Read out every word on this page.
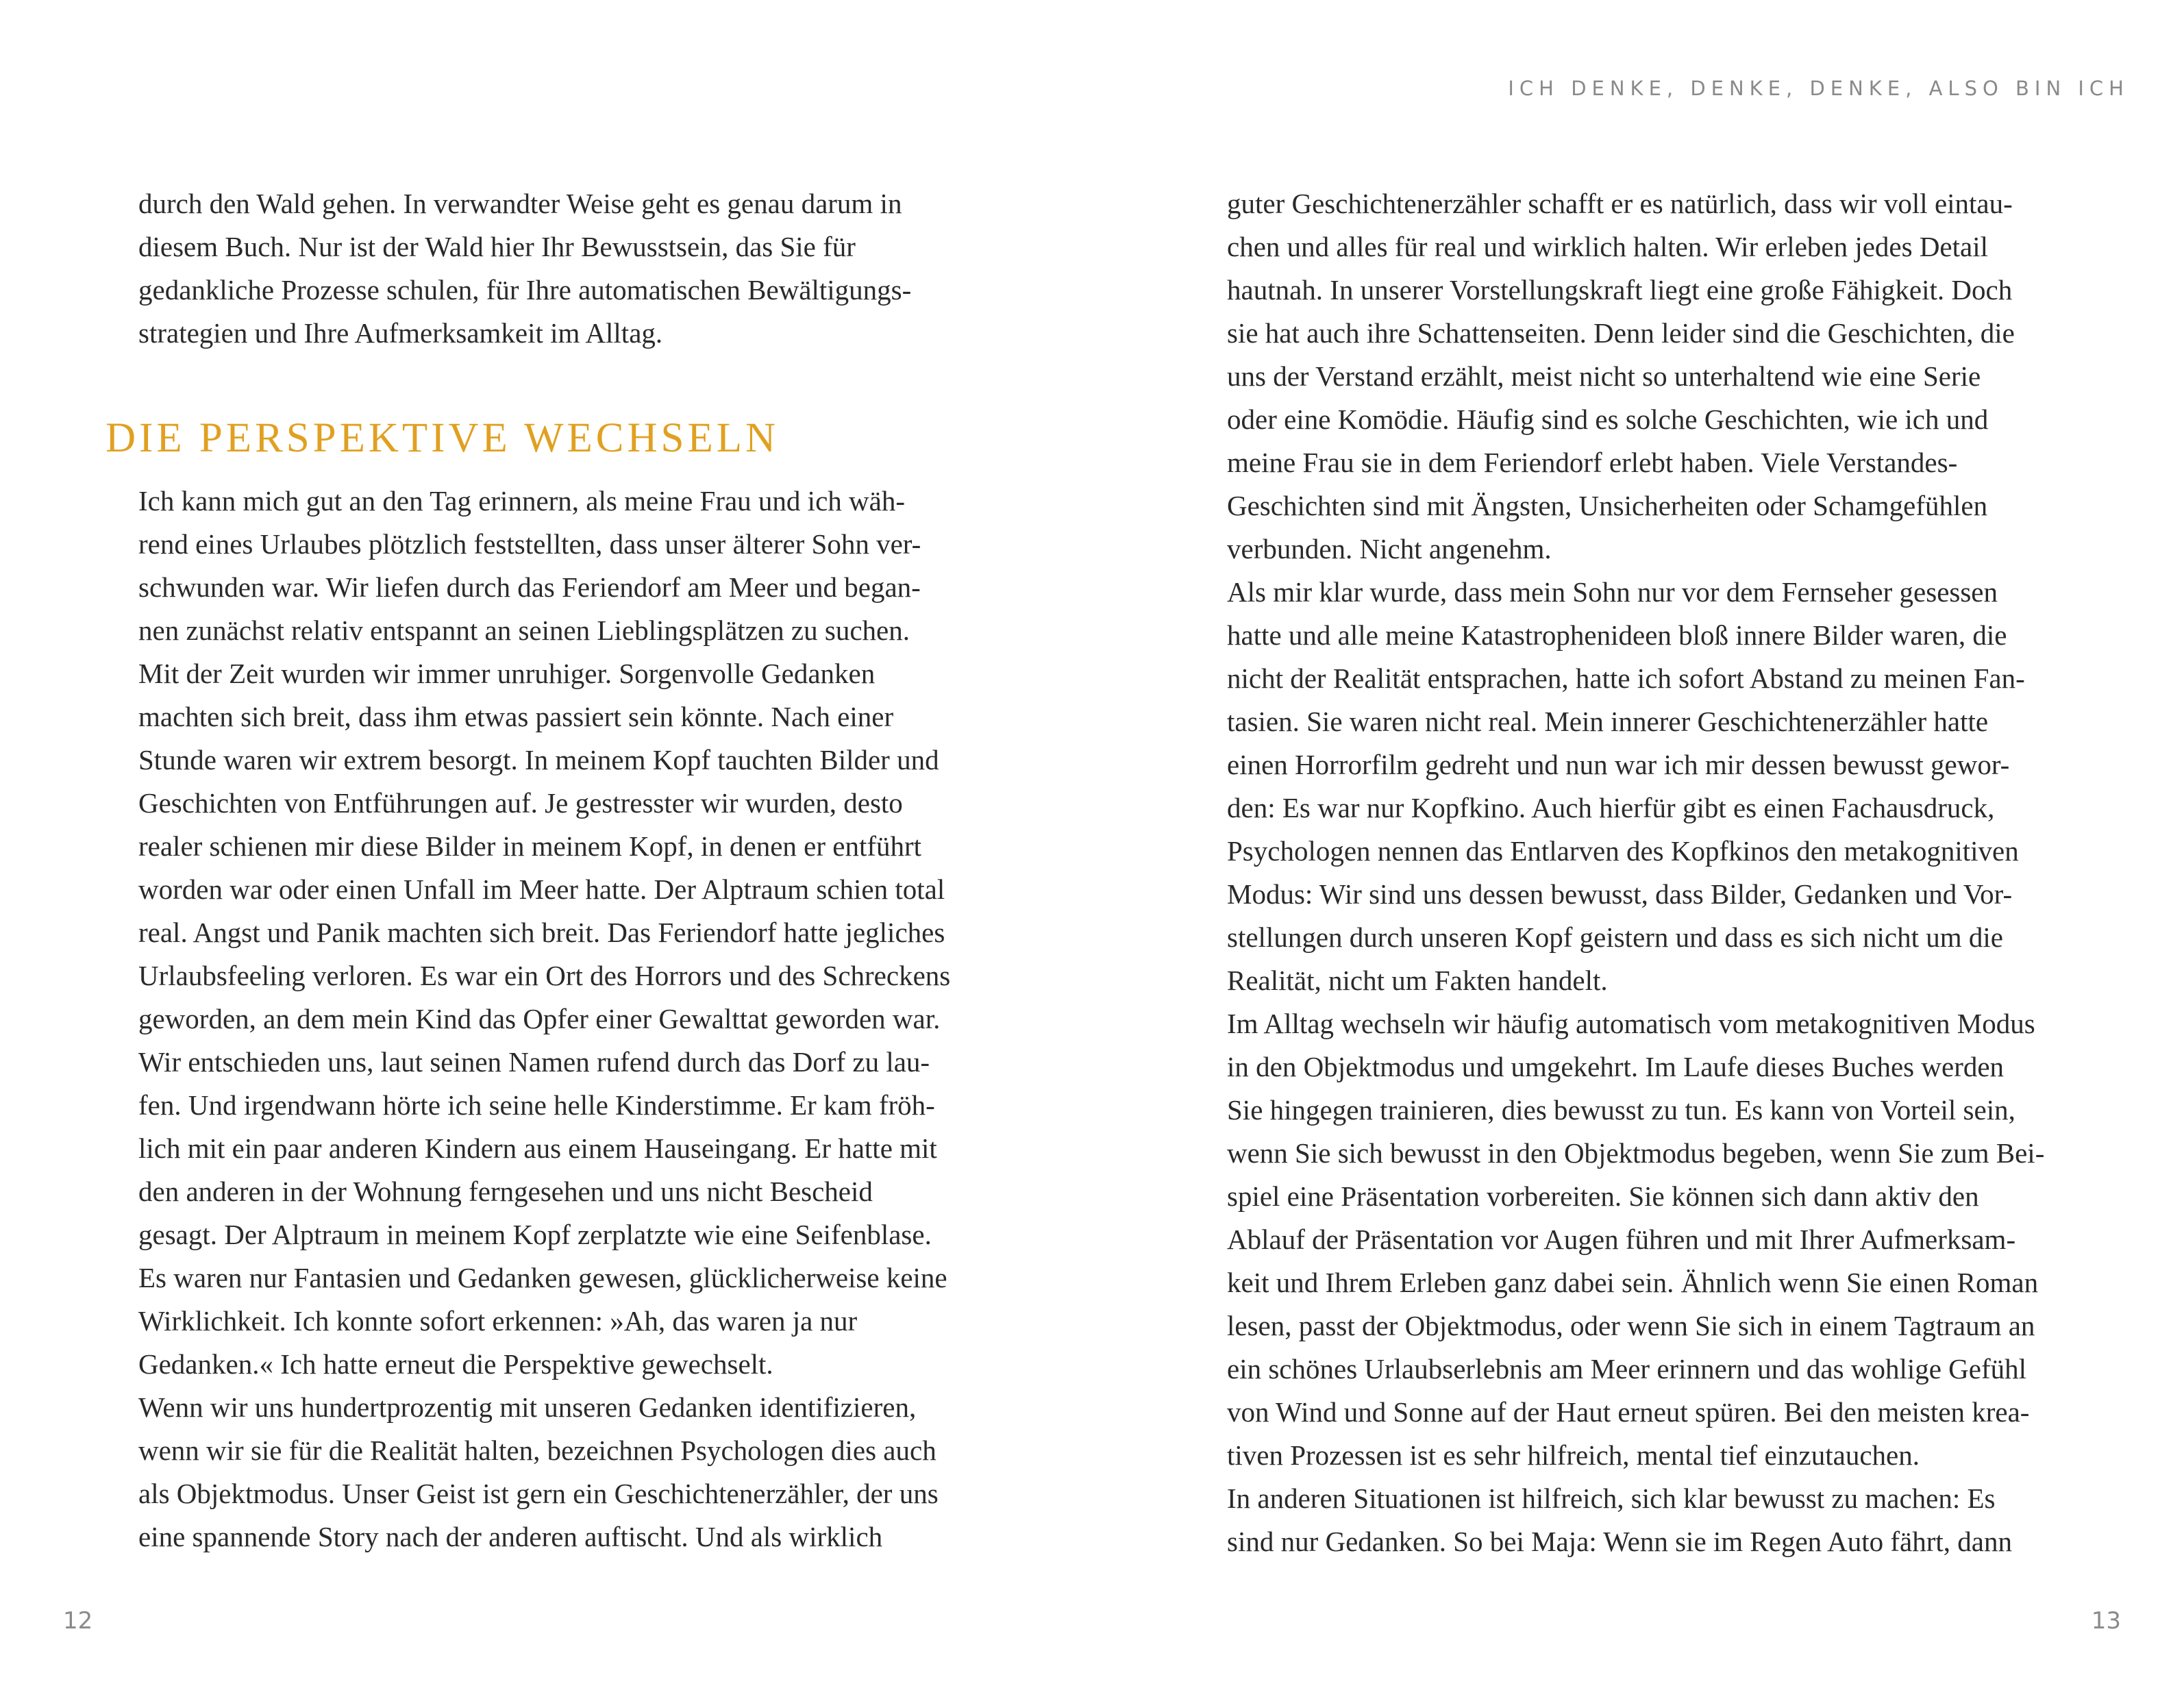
ICH DENKE, DENKE, DENKE, ALSO BIN ICH
durch den Wald gehen. In verwandter Weise geht es genau darum in
diesem Buch. Nur ist der Wald hier Ihr Bewusstsein, das Sie für
gedankliche Prozesse schulen, für Ihre automatischen Bewältigungs-
strategien und Ihre Aufmerksamkeit im Alltag.
DIE PERSPEKTIVE WECHSELN
Ich kann mich gut an den Tag erinnern, als meine Frau und ich wäh-
rend eines Urlaubes plötzlich feststellten, dass unser älterer Sohn ver-
schwunden war. Wir liefen durch das Feriendorf am Meer und began-
nen zunächst relativ entspannt an seinen Lieblingsplätzen zu suchen.
Mit der Zeit wurden wir immer unruhiger. Sorgenvolle Gedanken
machten sich breit, dass ihm etwas passiert sein könnte. Nach einer
Stunde waren wir extrem besorgt. In meinem Kopf tauchten Bilder und
Geschichten von Entführungen auf. Je gestresster wir wurden, desto
realer schienen mir diese Bilder in meinem Kopf, in denen er entführt
worden war oder einen Unfall im Meer hatte. Der Alptraum schien total
real. Angst und Panik machten sich breit. Das Feriendorf hatte jegliches
Urlaubsfeeling verloren. Es war ein Ort des Horrors und des Schreckens
geworden, an dem mein Kind das Opfer einer Gewalttat geworden war.
Wir entschieden uns, laut seinen Namen rufend durch das Dorf zu lau-
fen. Und irgendwann hörte ich seine helle Kinderstimme. Er kam fröh-
lich mit ein paar anderen Kindern aus einem Hauseingang. Er hatte mit
den anderen in der Wohnung ferngesehen und uns nicht Bescheid
gesagt. Der Alptraum in meinem Kopf zerplatzte wie eine Seifenblase.
Es waren nur Fantasien und Gedanken gewesen, glücklicherweise keine
Wirklichkeit. Ich konnte sofort erkennen: »Ah, das waren ja nur
Gedanken.« Ich hatte erneut die Perspektive gewechselt.
Wenn wir uns hundertprozentig mit unseren Gedanken identifizieren,
wenn wir sie für die Realität halten, bezeichnen Psychologen dies auch
als Objektmodus. Unser Geist ist gern ein Geschichtenerzähler, der uns
eine spannende Story nach der anderen auftischt. Und als wirklich
guter Geschichtenerzähler schafft er es natürlich, dass wir voll eintau-
chen und alles für real und wirklich halten. Wir erleben jedes Detail
hautnah. In unserer Vorstellungskraft liegt eine große Fähigkeit. Doch
sie hat auch ihre Schattenseiten. Denn leider sind die Geschichten, die
uns der Verstand erzählt, meist nicht so unterhaltend wie eine Serie
oder eine Komödie. Häufig sind es solche Geschichten, wie ich und
meine Frau sie in dem Feriendorf erlebt haben. Viele Verstandes-
Geschichten sind mit Ängsten, Unsicherheiten oder Schamgefühlen
verbunden. Nicht angenehm.
Als mir klar wurde, dass mein Sohn nur vor dem Fernseher gesessen
hatte und alle meine Katastrophenideen bloß innere Bilder waren, die
nicht der Realität entsprachen, hatte ich sofort Abstand zu meinen Fan-
tasien. Sie waren nicht real. Mein innerer Geschichtenerzähler hatte
einen Horrorfilm gedreht und nun war ich mir dessen bewusst gewor-
den: Es war nur Kopfkino. Auch hierfür gibt es einen Fachausdruck,
Psychologen nennen das Entlarven des Kopfkinos den metakognitiven
Modus: Wir sind uns dessen bewusst, dass Bilder, Gedanken und Vor-
stellungen durch unseren Kopf geistern und dass es sich nicht um die
Realität, nicht um Fakten handelt.
Im Alltag wechseln wir häufig automatisch vom metakognitiven Modus
in den Objektmodus und umgekehrt. Im Laufe dieses Buches werden
Sie hingegen trainieren, dies bewusst zu tun. Es kann von Vorteil sein,
wenn Sie sich bewusst in den Objektmodus begeben, wenn Sie zum Bei-
spiel eine Präsentation vorbereiten. Sie können sich dann aktiv den
Ablauf der Präsentation vor Augen führen und mit Ihrer Aufmerksam-
keit und Ihrem Erleben ganz dabei sein. Ähnlich wenn Sie einen Roman
lesen, passt der Objektmodus, oder wenn Sie sich in einem Tagtraum an
ein schönes Urlaubserlebnis am Meer erinnern und das wohlige Gefühl
von Wind und Sonne auf der Haut erneut spüren. Bei den meisten krea-
tiven Prozessen ist es sehr hilfreich, mental tief einzutauchen.
In anderen Situationen ist hilfreich, sich klar bewusst zu machen: Es
sind nur Gedanken. So bei Maja: Wenn sie im Regen Auto fährt, dann
12	13
